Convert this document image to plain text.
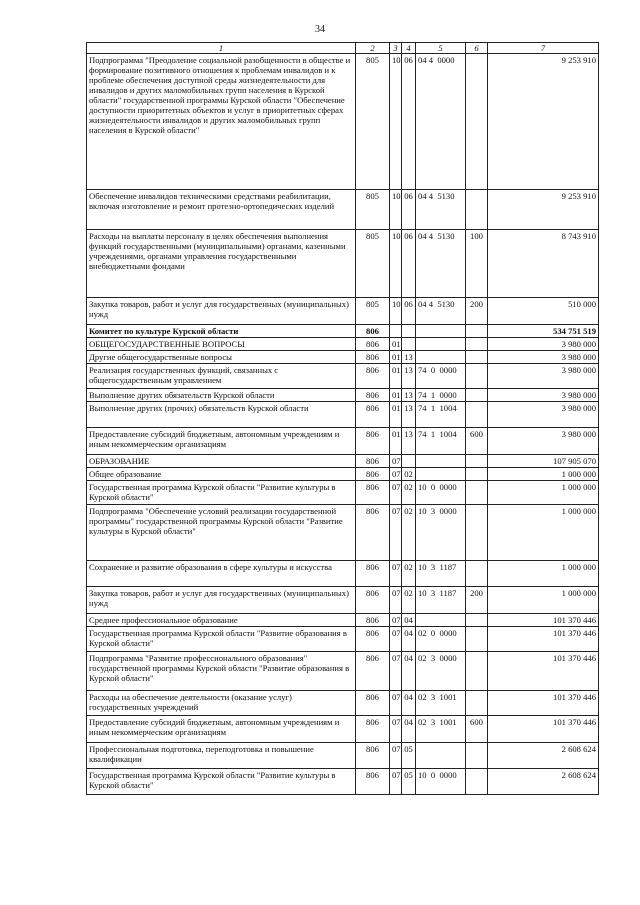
34
1	2	3	4	5	6	7
Подпрограмма "Преодоление социальной разобщенности в обществе и формирование позитивного отношения к проблемам инвалидов и к проблеме обеспечения доступной среды жизнедеятельности для инвалидов и других маломобильных групп населения в Курской области" государственной программы Курской области "Обеспечение доступности приоритетных объектов и услуг в приоритетных сферах жизнедеятельности инвалидов и других маломобильных групп населения в Курской области"	805	10	06	04 4  0000		9 253 910
Обеспечение инвалидов техническими средствами реабилитации, включая изготовление и ремонт протезно-ортопедических изделий	805	10	06	04 4  5130		9 253 910
Расходы на выплаты персоналу в целях обеспечения выполнения функций государственными (муниципальными) органами, казенными учреждениями, органами управления государственными внебюджетными фондами	805	10	06	04 4  5130	100	8 743 910
Закупка товаров, работ и услуг для государственных (муниципальных) нужд	805	10	06	04 4  5130	200	510 000
Комитет по культуре Курской области	806					534 751 519
ОБЩЕГОСУДАРСТВЕННЫЕ ВОПРОСЫ	806	01				3 980 000
Другие общегосударственные вопросы	806	01	13			3 980 000
Реализация государственных функций, связанных с общегосударственным управлением	806	01	13	74  0  0000		3 980 000
Выполнение других обязательств Курской области	806	01	13	74  1  0000		3 980 000
Выполнение других (прочих) обязательств Курской области	806	01	13	74  1  1004		3 980 000
Предоставление субсидий бюджетным, автономным учреждениям и иным некоммерческим организациям	806	01	13	74  1  1004	600	3 980 000
ОБРАЗОВАНИЕ	806	07				107 905 070
Общее образование	806	07	02			1 000 000
Государственная программа Курской области "Развитие культуры в Курской области"	806	07	02	10  0  0000		1 000 000
Подпрограмма "Обеспечение условий реализации государственной программы" государственной программы Курской области "Развитие культуры в Курской области"	806	07	02	10  3  0000		1 000 000
Сохранение и развитие образования в сфере культуры и искусства	806	07	02	10  3  1187		1 000 000
Закупка товаров, работ и услуг для государственных (муниципальных) нужд	806	07	02	10  3  1187	200	1 000 000
Среднее профессиональное образование	806	07	04			101 370 446
Государственная программа Курской области "Развитие образования в Курской области"	806	07	04	02  0  0000		101 370 446
Подпрограмма "Развитие профессионального образования" государственной программы Курской области "Развитие образования в Курской области"	806	07	04	02  3  0000		101 370 446
Расходы на обеспечение деятельности (оказание услуг) государственных учреждений	806	07	04	02  3  1001		101 370 446
Предоставление субсидий бюджетным, автономным учреждениям и иным некоммерческим организациям	806	07	04	02  3  1001	600	101 370 446
Профессиональная подготовка, переподготовка и повышение квалификации	806	07	05			2 608 624
Государственная программа Курской области "Развитие культуры в Курской области"	806	07	05	10  0  0000		2 608 624
